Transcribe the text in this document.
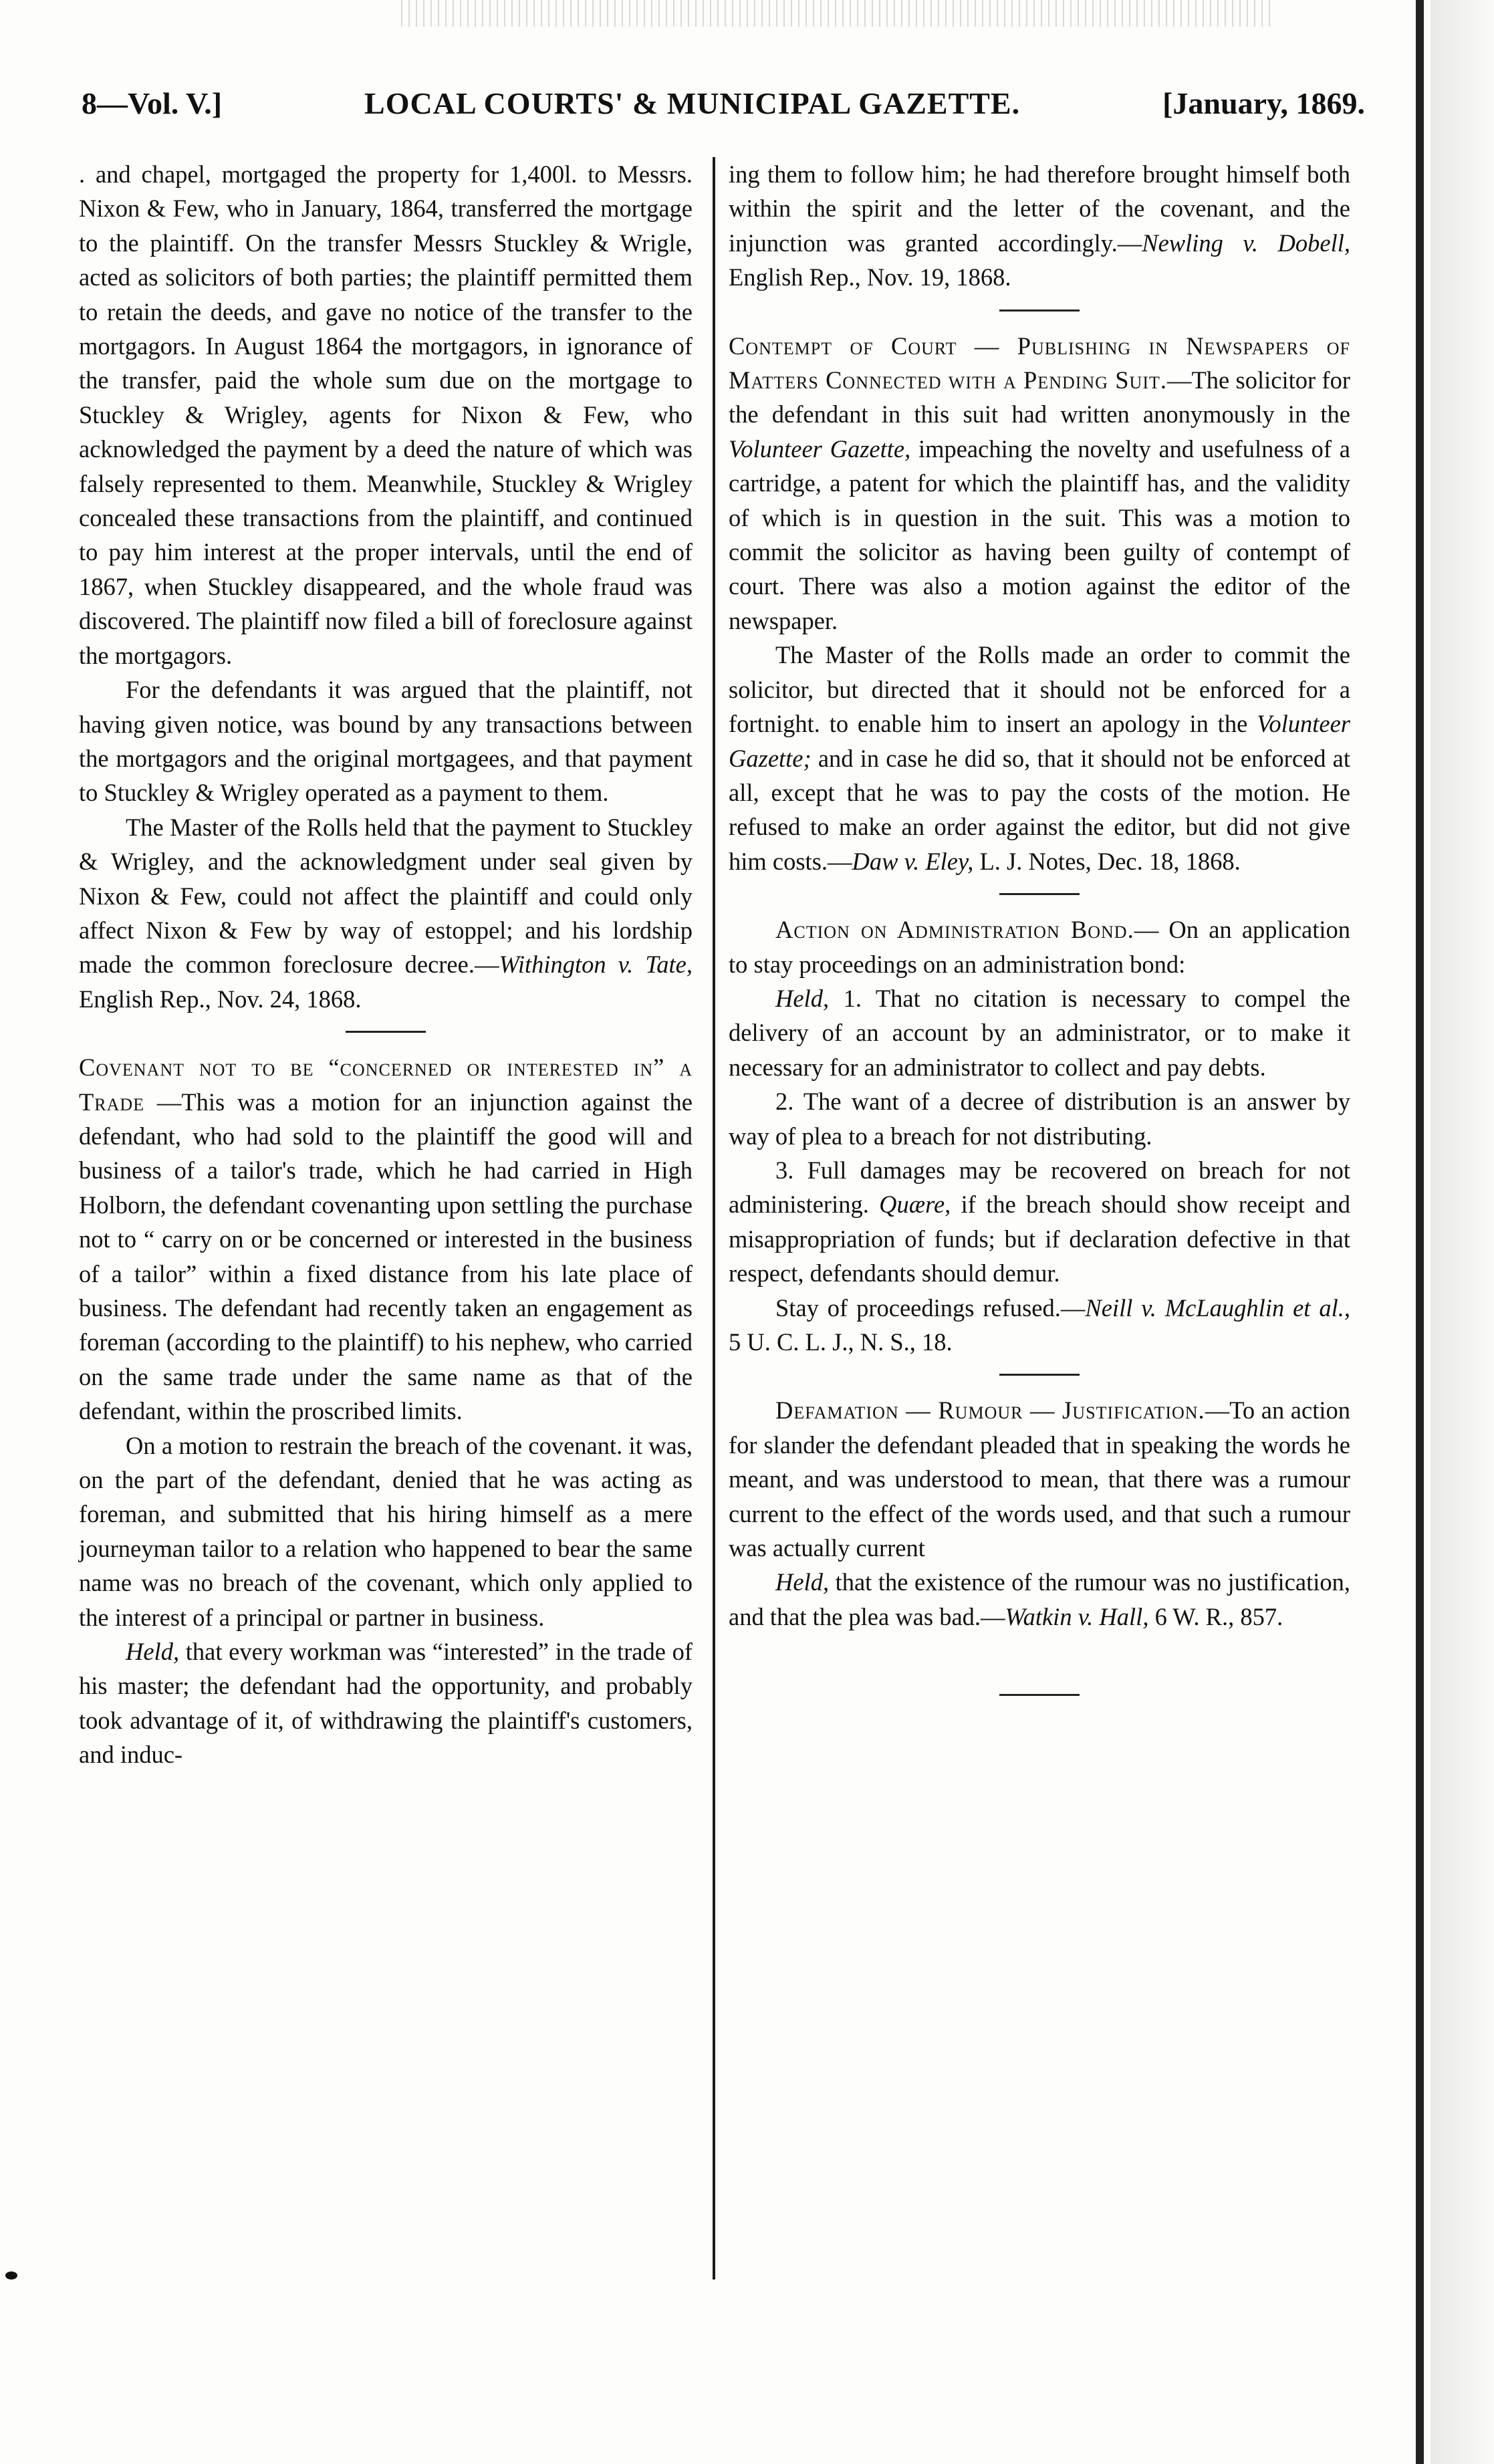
8—Vol. V.]	LOCAL COURTS' & MUNICIPAL GAZETTE.	[January, 1869.

. and chapel, mortgaged the property for 1,400l. to Messrs. Nixon & Few, who in January, 1864, transferred the mortgage to the plaintiff. On the transfer Messrs Stuckley & Wrigle, acted as solicitors of both parties; the plaintiff permitted them to retain the deeds, and gave no notice of the transfer to the mortgagors. In August 1864 the mortgagors, in ignorance of the transfer, paid the whole sum due on the mortgage to Stuckley & Wrigley, agents for Nixon & Few, who acknowledged the payment by a deed the nature of which was falsely represented to them. Meanwhile, Stuckley & Wrigley concealed these transactions from the plaintiff, and continued to pay him interest at the proper intervals, until the end of 1867, when Stuckley disappeared, and the whole fraud was discovered. The plaintiff now filed a bill of foreclosure against the mortgagors.

For the defendants it was argued that the plaintiff, not having given notice, was bound by any transactions between the mortgagors and the original mortgagees, and that payment to Stuckley & Wrigley operated as a payment to them.

The Master of the Rolls held that the payment to Stuckley & Wrigley, and the acknowledgment under seal given by Nixon & Few, could not affect the plaintiff and could only affect Nixon & Few by way of estoppel; and his lordship made the common foreclosure decree.—Withington v. Tate, English Rep., Nov. 24, 1868.

Covenant not to be “concerned or interested in” a Trade —This was a motion for an injunction against the defendant, who had sold to the plaintiff the good will and business of a tailor's trade, which he had carried in High Holborn, the defendant covenanting upon settling the purchase not to “ carry on or be concerned or interested in the business of a tailor” within a fixed distance from his late place of business. The defendant had recently taken an engagement as foreman (according to the plaintiff) to his nephew, who carried on the same trade under the same name as that of the defendant, within the proscribed limits.

On a motion to restrain the breach of the covenant. it was, on the part of the defendant, denied that he was acting as foreman, and submitted that his hiring himself as a mere journeyman tailor to a relation who happened to bear the same name was no breach of the covenant, which only applied to the interest of a principal or partner in business.

Held, that every workman was “interested” in the trade of his master; the defendant had the opportunity, and probably took advantage of it, of withdrawing the plaintiff's customers, and induc-

ing them to follow him; he had therefore brought himself both within the spirit and the letter of the covenant, and the injunction was granted accordingly.—Newling v. Dobell, English Rep., Nov. 19, 1868.

Contempt of Court — Publishing in Newspapers of Matters Connected with a Pending Suit.—The solicitor for the defendant in this suit had written anonymously in the Volunteer Gazette, impeaching the novelty and usefulness of a cartridge, a patent for which the plaintiff has, and the validity of which is in question in the suit. This was a motion to commit the solicitor as having been guilty of contempt of court. There was also a motion against the editor of the newspaper.

The Master of the Rolls made an order to commit the solicitor, but directed that it should not be enforced for a fortnight. to enable him to insert an apology in the Volunteer Gazette; and in case he did so, that it should not be enforced at all, except that he was to pay the costs of the motion. He refused to make an order against the editor, but did not give him costs.—Daw v. Eley, L. J. Notes, Dec. 18, 1868.

Action on Administration Bond.— On an application to stay proceedings on an administration bond:

Held, 1. That no citation is necessary to compel the delivery of an account by an administrator, or to make it necessary for an administrator to collect and pay debts.

2. The want of a decree of distribution is an answer by way of plea to a breach for not distributing.

3. Full damages may be recovered on breach for not administering. Quære, if the breach should show receipt and misappropriation of funds; but if declaration defective in that respect, defendants should demur.

Stay of proceedings refused.—Neill v. McLaughlin et al., 5 U. C. L. J., N. S., 18.

Defamation — Rumour — Justification.—To an action for slander the defendant pleaded that in speaking the words he meant, and was understood to mean, that there was a rumour current to the effect of the words used, and that such a rumour was actually current

Held, that the existence of the rumour was no justification, and that the plea was bad.—Watkin v. Hall, 6 W. R., 857.
